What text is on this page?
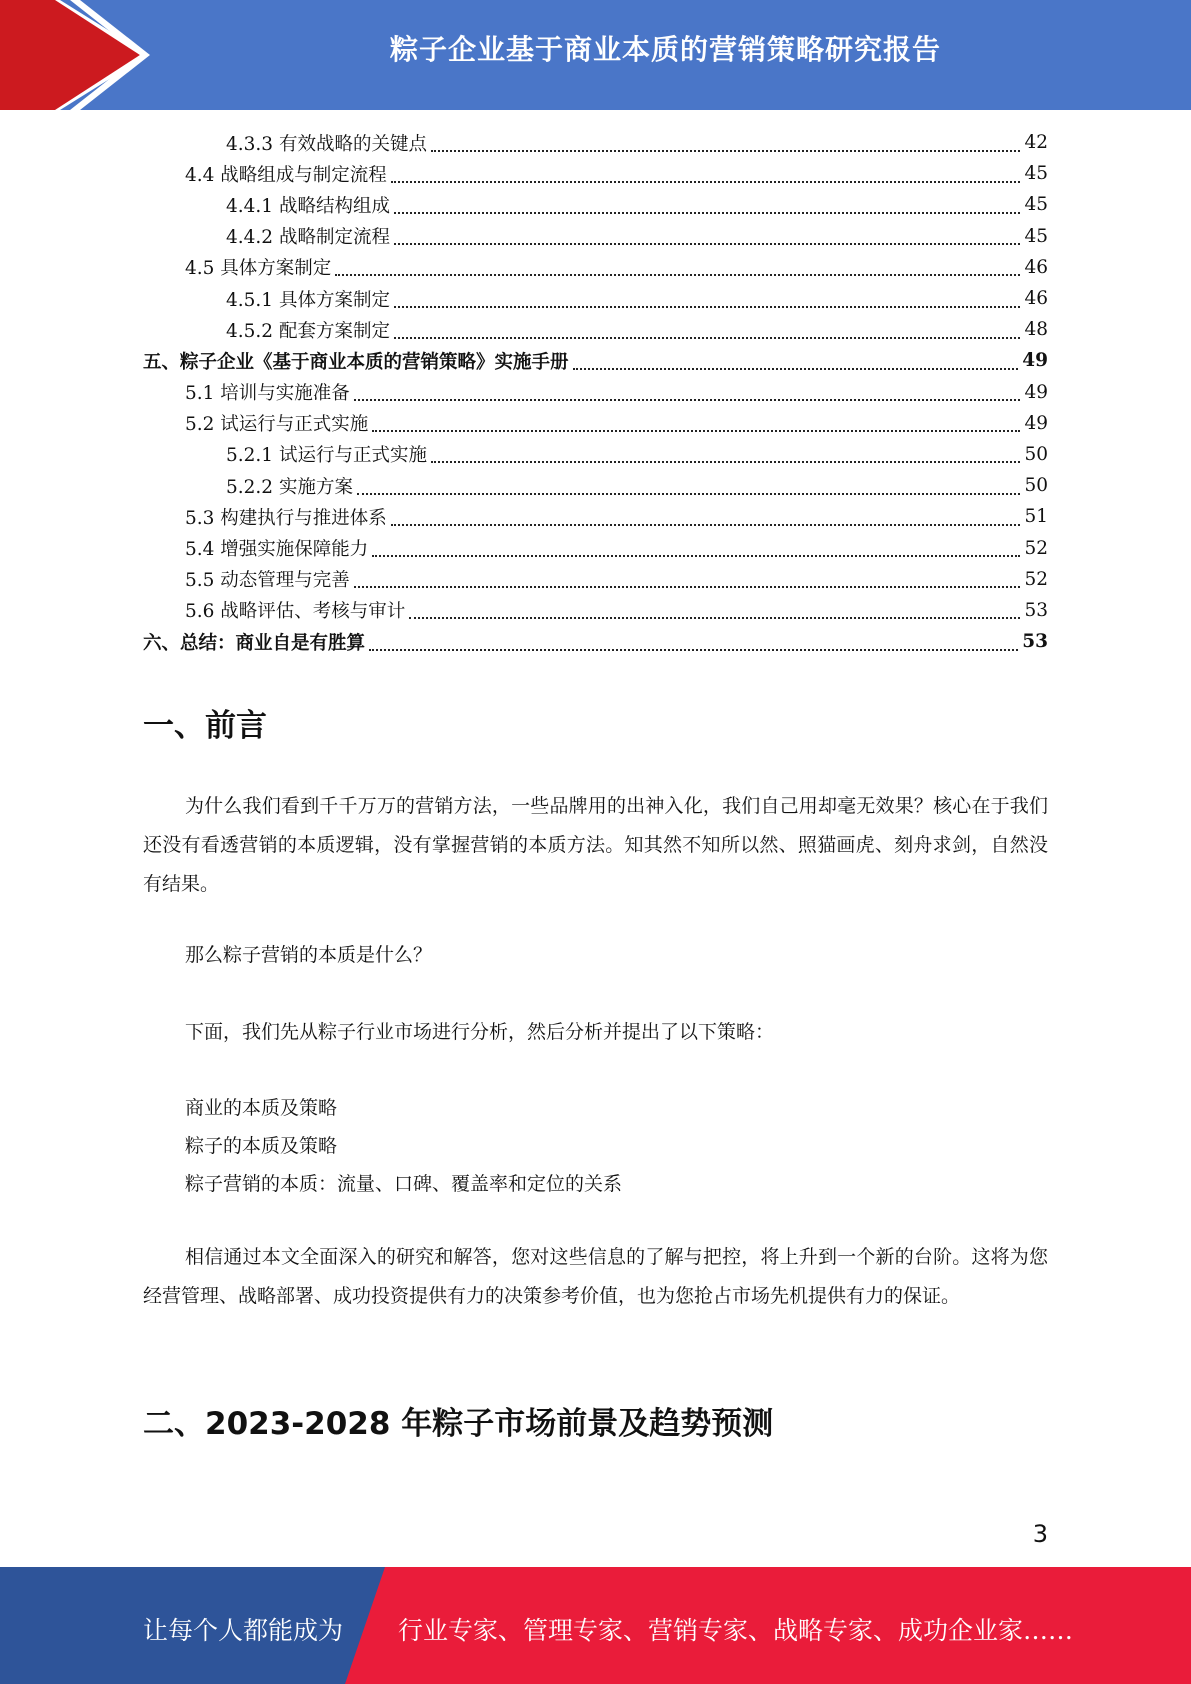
粽子企业基于商业本质的营销策略研究报告
4.3.3 有效战略的关键点	42
4.4 战略组成与制定流程	45
4.4.1 战略结构组成	45
4.4.2 战略制定流程	45
4.5 具体方案制定	46
4.5.1 具体方案制定	46
4.5.2 配套方案制定	48
五、粽子企业《基于商业本质的营销策略》实施手册	49
5.1 培训与实施准备	49
5.2 试运行与正式实施	49
5.2.1 试运行与正式实施	50
5.2.2 实施方案	50
5.3 构建执行与推进体系	51
5.4 增强实施保障能力	52
5.5 动态管理与完善	52
5.6 战略评估、考核与审计	53
六、总结：商业自是有胜算	53
一、前言

为什么我们看到千千万万的营销方法，一些品牌用的出神入化，我们自己用却毫无效果？核心在于我们还没有看透营销的本质逻辑，没有掌握营销的本质方法。知其然不知所以然、照猫画虎、刻舟求剑，自然没有结果。

那么粽子营销的本质是什么？
下面，我们先从粽子行业市场进行分析，然后分析并提出了以下策略：
商业的本质及策略
粽子的本质及策略
粽子营销的本质：流量、口碑、覆盖率和定位的关系

相信通过本文全面深入的研究和解答，您对这些信息的了解与把控，将上升到一个新的台阶。这将为您经营管理、战略部署、成功投资提供有力的决策参考价值，也为您抢占市场先机提供有力的保证。

二、2023-2028 年粽子市场前景及趋势预测
3
让每个人都能成为 行业专家、管理专家、营销专家、战略专家、成功企业家……
